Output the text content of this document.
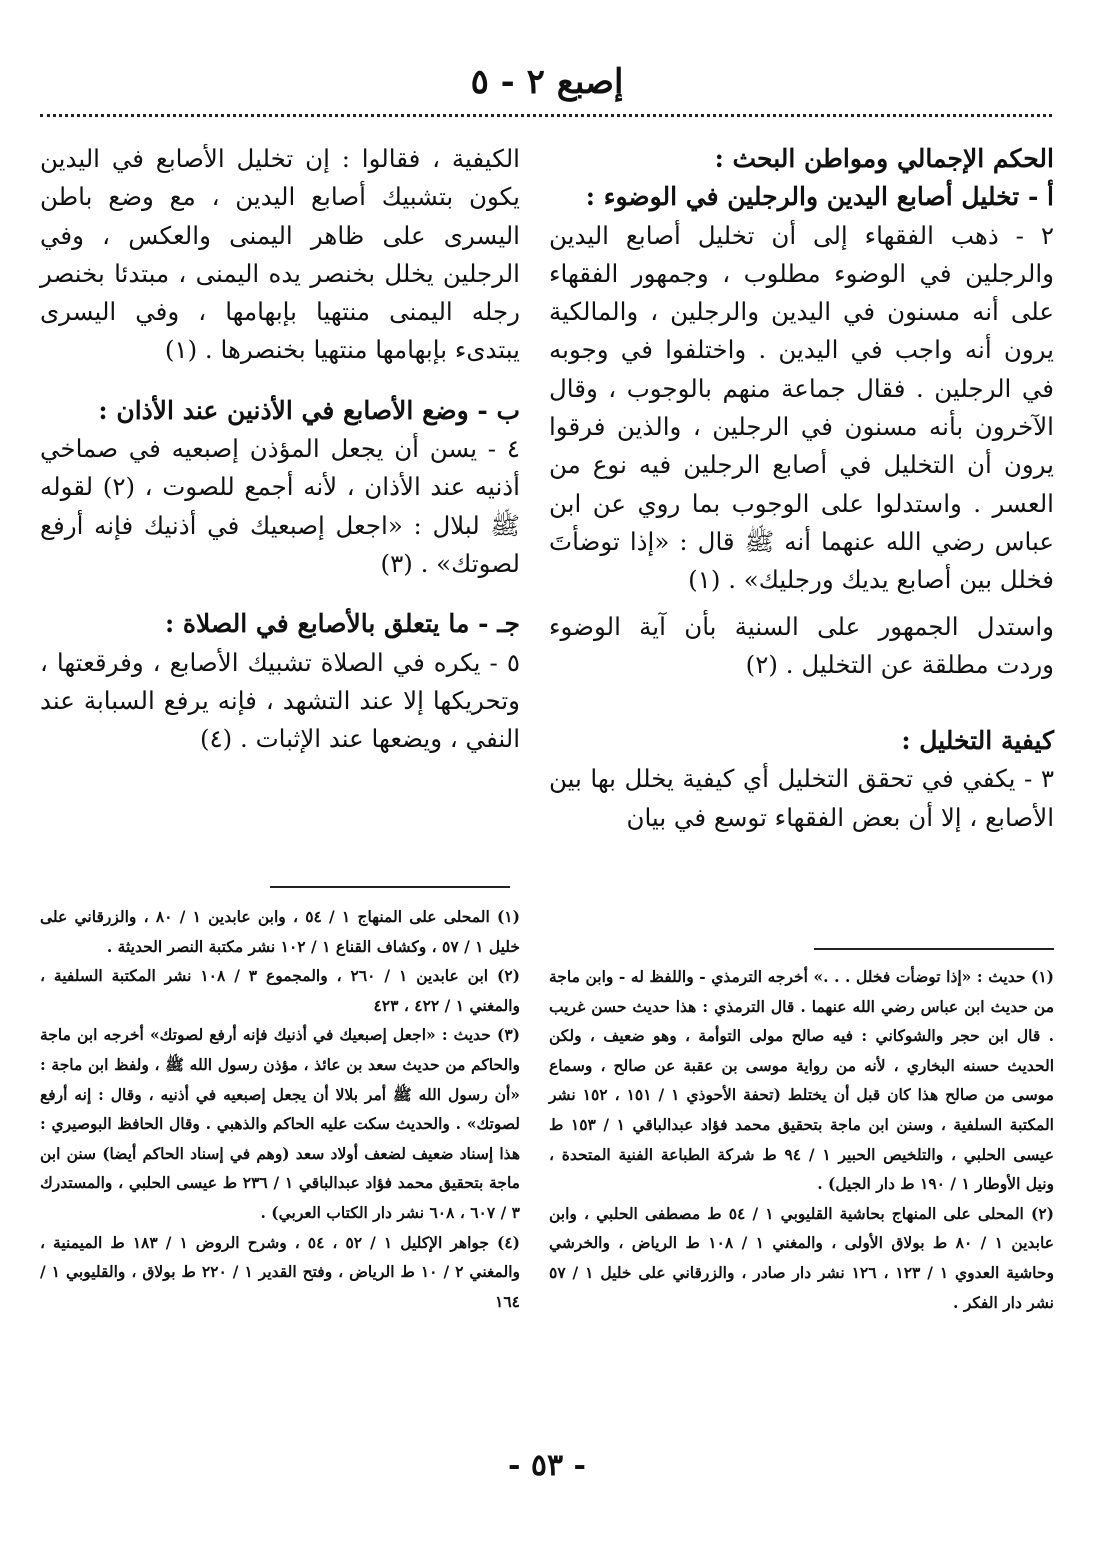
إصبع ٢ - ٥
الحكم الإجمالي ومواطن البحث :
أ - تخليل أصابع اليدين والرجلين في الوضوء :

٢ - ذهب الفقهاء إلى أن تخليل أصابع اليدين والرجلين في الوضوء مطلوب ، وجمهور الفقهاء على أنه مسنون في اليدين والرجلين ، والمالكية يرون أنه واجب في اليدين . واختلفوا في وجوبه في الرجلين . فقال جماعة منهم بالوجوب ، وقال الآخرون بأنه مسنون في الرجلين ، والذين فرقوا يرون أن التخليل في أصابع الرجلين فيه نوع من العسر . واستدلوا على الوجوب بما روي عن ابن عباس رضي الله عنهما أنه ﷺ قال : «إذا توضأتَ فخلل بين أصابع يديك ورجليك» . (١)

واستدل الجمهور على السنية بأن آية الوضوء وردت مطلقة عن التخليل . (٢)

كيفية التخليل :

٣ - يكفي في تحقق التخليل أي كيفية يخلل بها بين الأصابع ، إلا أن بعض الفقهاء توسع في بيان

الكيفية ، فقالوا : إن تخليل الأصابع في اليدين يكون بتشبيك أصابع اليدين ، مع وضع باطن اليسرى على ظاهر اليمنى والعكس ، وفي الرجلين يخلل بخنصر يده اليمنى ، مبتدئا بخنصر رجله اليمنى منتهيا بإبهامها ، وفي اليسرى يبتدىء بإبهامها منتهيا بخنصرها . (١)

ب - وضع الأصابع في الأذنين عند الأذان :

٤ - يسن أن يجعل المؤذن إصبعيه في صماخي أذنيه عند الأذان ، لأنه أجمع للصوت ، (٢) لقوله ﷺ لبلال : «اجعل إصبعيك في أذنيك فإنه أرفع لصوتك» . (٣)

جـ - ما يتعلق بالأصابع في الصلاة :

٥ - يكره في الصلاة تشبيك الأصابع ، وفرقعتها ، وتحريكها إلا عند التشهد ، فإنه يرفع السبابة عند النفي ، ويضعها عند الإثبات . (٤)

(١) حديث : «إذا توضأت فخلل . . .» أخرجه الترمذي - واللفظ له - وابن ماجة من حديث ابن عباس رضي الله عنهما . قال الترمذي : هذا حديث حسن غريب . قال ابن حجر والشوكاني : فيه صالح مولى التوأمة ، وهو ضعيف ، ولكن الحديث حسنه البخاري ، لأنه من رواية موسى بن عقبة عن صالح ، وسماع موسى من صالح هذا كان قبل أن يختلط (تحفة الأحوذي ١ / ١٥١ ، ١٥٢ نشر المكتبة السلفية ، وسنن ابن ماجة بتحقيق محمد فؤاد عبدالباقي ١ / ١٥٣ ط عيسى الحلبي ، والتلخيص الحبير ١ / ٩٤ ط شركة الطباعة الفنية المتحدة ، ونيل الأوطار ١ / ١٩٠ ط دار الجيل) .

(٢) المحلى على المنهاج بحاشية القليوبي ١ / ٥٤ ط مصطفى الحلبي ، وابن عابدين ١ / ٨٠ ط بولاق الأولى ، والمغني ١ / ١٠٨ ط الرياض ، والخرشي وحاشية العدوي ١ / ١٢٣ ، ١٢٦ نشر دار صادر ، والزرقاني على خليل ١ / ٥٧ نشر دار الفكر .

(١) المحلى على المنهاج ١ / ٥٤ ، وابن عابدين ١ / ٨٠ ، والزرقاني على خليل ١ / ٥٧ ، وكشاف القناع ١ / ١٠٢ نشر مكتبة النصر الحديثة .

(٢) ابن عابدين ١ / ٢٦٠ ، والمجموع ٣ / ١٠٨ نشر المكتبة السلفية ، والمغني ١ / ٤٢٢ ، ٤٢٣

(٣) حديث : «اجعل إصبعيك في أذنيك فإنه أرفع لصوتك» أخرجه ابن ماجة والحاكم من حديث سعد بن عائذ ، مؤذن رسول الله ﷺ ، ولفظ ابن ماجة : «أن رسول الله ﷺ أمر بلالا أن يجعل إصبعيه في أذنيه ، وقال : إنه أرفع لصوتك» . والحديث سكت عليه الحاكم والذهبي . وقال الحافظ البوصيري : هذا إسناد ضعيف لضعف أولاد سعد (وهم في إسناد الحاكم أيضا) سنن ابن ماجة بتحقيق محمد فؤاد عبدالباقي ١ / ٢٣٦ ط عيسى الحلبي ، والمستدرك ٣ / ٦٠٧ ، ٦٠٨ نشر دار الكتاب العربي) .

(٤) جواهر الإكليل ١ / ٥٢ ، ٥٤ ، وشرح الروض ١ / ١٨٣ ط الميمنية ، والمغني ٢ / ١٠ ط الرياض ، وفتح القدير ١ / ٢٢٠ ط بولاق ، والقليوبي ١ / ١٦٤

- ٥٣ -
